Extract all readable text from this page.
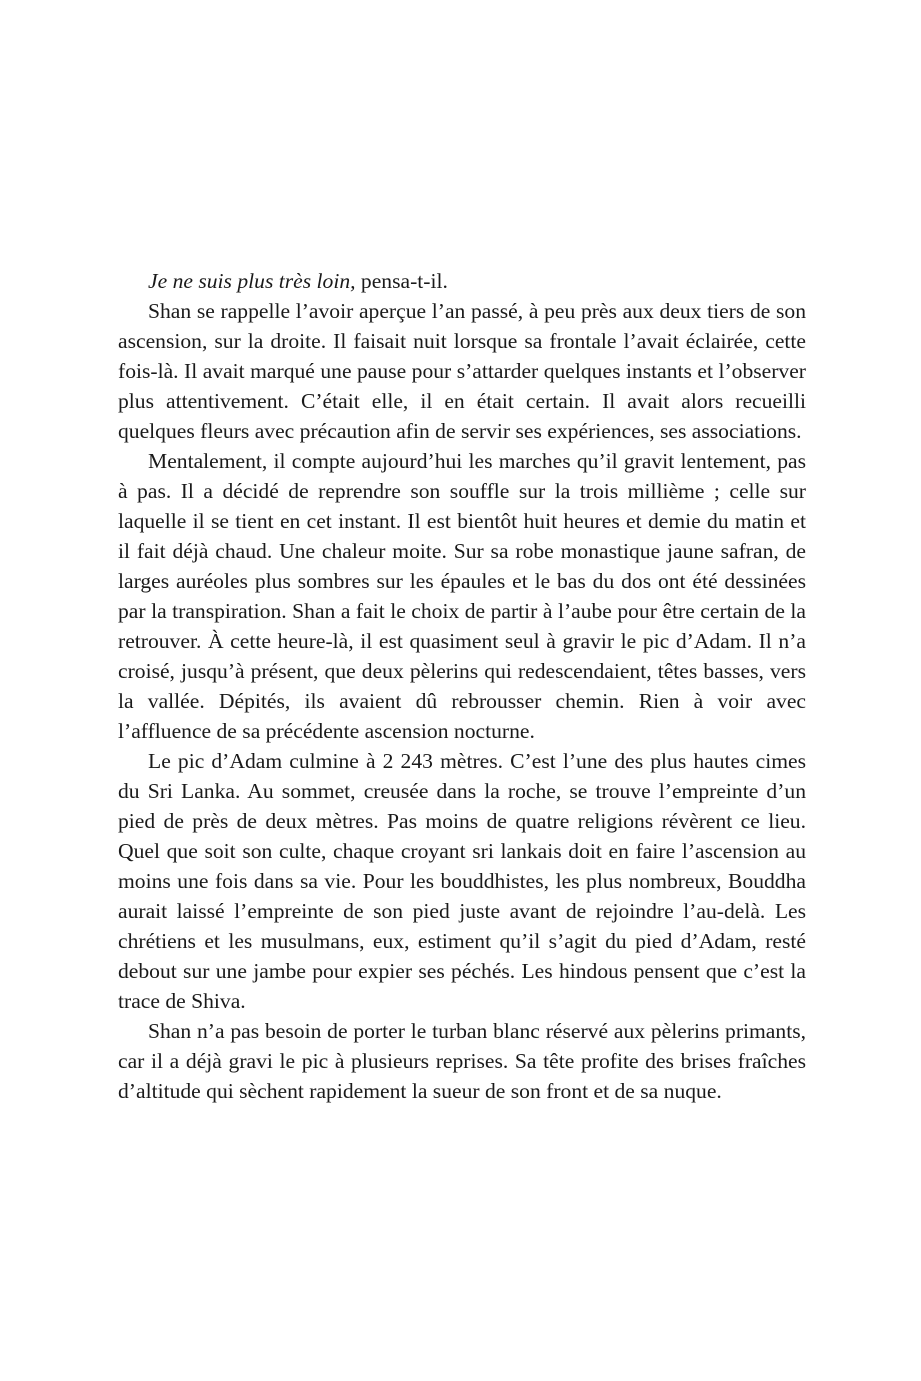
Je ne suis plus très loin, pensa-t-il.

Shan se rappelle l’avoir aperçue l’an passé, à peu près aux deux tiers de son ascension, sur la droite. Il faisait nuit lorsque sa frontale l’avait éclairée, cette fois-là. Il avait marqué une pause pour s’attarder quelques instants et l’observer plus attentivement. C’était elle, il en était certain. Il avait alors recueilli quelques fleurs avec précaution afin de servir ses expériences, ses associations.

Mentalement, il compte aujourd’hui les marches qu’il gravit lentement, pas à pas. Il a décidé de reprendre son souffle sur la trois millième ; celle sur laquelle il se tient en cet instant. Il est bientôt huit heures et demie du matin et il fait déjà chaud. Une chaleur moite. Sur sa robe monastique jaune safran, de larges auréoles plus sombres sur les épaules et le bas du dos ont été dessinées par la transpiration. Shan a fait le choix de partir à l’aube pour être certain de la retrouver. À cette heure-là, il est quasiment seul à gravir le pic d’Adam. Il n’a croisé, jusqu’à présent, que deux pèlerins qui redescendaient, têtes basses, vers la vallée. Dépités, ils avaient dû rebrousser chemin. Rien à voir avec l’affluence de sa précédente ascension nocturne.

Le pic d’Adam culmine à 2 243 mètres. C’est l’une des plus hautes cimes du Sri Lanka. Au sommet, creusée dans la roche, se trouve l’empreinte d’un pied de près de deux mètres. Pas moins de quatre religions révèrent ce lieu. Quel que soit son culte, chaque croyant sri lankais doit en faire l’ascension au moins une fois dans sa vie. Pour les bouddhistes, les plus nombreux, Bouddha aurait laissé l’empreinte de son pied juste avant de rejoindre l’au-delà. Les chrétiens et les musulmans, eux, estiment qu’il s’agit du pied d’Adam, resté debout sur une jambe pour expier ses péchés. Les hindous pensent que c’est la trace de Shiva.

Shan n’a pas besoin de porter le turban blanc réservé aux pèlerins primants, car il a déjà gravi le pic à plusieurs reprises. Sa tête profite des brises fraîches d’altitude qui sèchent rapidement la sueur de son front et de sa nuque.
